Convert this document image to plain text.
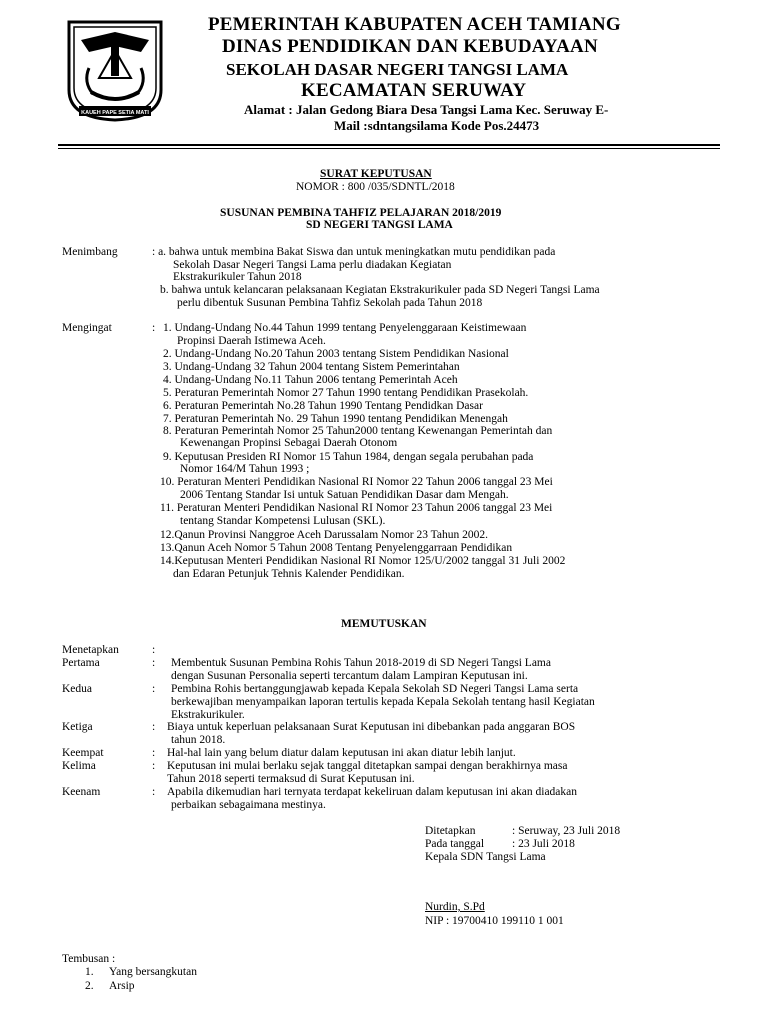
KAUEH PAPE SETIA MATI
PEMERINTAH KABUPATEN ACEH TAMIANG
DINAS PENDIDIKAN DAN KEBUDAYAAN
SEKOLAH DASAR NEGERI TANGSI LAMA
KECAMATAN SERUWAY
Alamat : Jalan Gedong Biara Desa Tangsi Lama Kec. Seruway E-
Mail :sdntangsilama Kode Pos.24473
SURAT KEPUTUSAN
NOMOR : 800 /035/SDNTL/2018
SUSUNAN PEMBINA TAHFIZ PELAJARAN 2018/2019
SD NEGERI TANGSI LAMA
Menimbang	: a. bahwa untuk membina Bakat Siswa dan untuk meningkatkan mutu pendidikan pada
Sekolah Dasar Negeri Tangsi Lama perlu diadakan Kegiatan
Ekstrakurikuler Tahun 2018
b. bahwa untuk kelancaran pelaksanaan Kegiatan Ekstrakurikuler pada SD Negeri Tangsi Lama
perlu dibentuk Susunan Pembina Tahfiz Sekolah pada Tahun 2018
Mengingat	: 1. Undang-Undang No.44 Tahun 1999 tentang Penyelenggaraan Keistimewaan
Propinsi Daerah Istimewa Aceh.
2. Undang-Undang No.20 Tahun 2003 tentang Sistem Pendidikan Nasional
3. Undang-Undang 32 Tahun 2004 tentang Sistem Pemerintahan
4. Undang-Undang No.11 Tahun 2006 tentang Pemerintah Aceh
5. Peraturan Pemerintah Nomor 27 Tahun 1990 tentang Pendidikan Prasekolah.
6. Peraturan Pemerintah No.28 Tahun 1990 Tentang Pendidkan Dasar
7. Peraturan Pemerintah No. 29 Tahun 1990 tentang Pendidikan Menengah
8. Peraturan Pemerintah Nomor 25 Tahun2000 tentang Kewenangan Pemerintah dan
Kewenangan Propinsi Sebagai Daerah Otonom
9. Keputusan Presiden RI Nomor 15 Tahun 1984, dengan segala perubahan pada
Nomor 164/M Tahun 1993 ;
10. Peraturan Menteri Pendidikan Nasional RI Nomor 22 Tahun 2006 tanggal 23 Mei
2006 Tentang Standar Isi untuk Satuan Pendidikan Dasar dam Mengah.
11. Peraturan Menteri Pendidikan Nasional RI Nomor 23 Tahun 2006 tanggal 23 Mei
tentang Standar Kompetensi Lulusan (SKL).
12.Qanun Provinsi Nanggroe Aceh Darussalam Nomor 23 Tahun 2002.
13.Qanun Aceh Nomor 5 Tahun 2008 Tentang Penyelenggarraan Pendidikan
14.Keputusan Menteri Pendidikan Nasional RI Nomor 125/U/2002 tanggal 31 Juli 2002
dan Edaran Petunjuk Tehnis Kalender Pendidikan.
MEMUTUSKAN
Menetapkan	:
Pertama	: Membentuk Susunan Pembina Rohis Tahun 2018-2019 di SD Negeri Tangsi Lama
dengan Susunan Personalia seperti tercantum dalam Lampiran Keputusan ini.
Kedua	: Pembina Rohis bertanggungjawab kepada Kepala Sekolah SD Negeri Tangsi Lama serta
berkewajiban menyampaikan laporan tertulis kepada Kepala Sekolah tentang hasil Kegiatan
Ekstrakurikuler.
Ketiga	: Biaya untuk keperluan pelaksanaan Surat Keputusan ini dibebankan pada anggaran BOS
tahun 2018.
Keempat	: Hal-hal lain yang belum diatur dalam keputusan ini akan diatur lebih lanjut.
Kelima	: Keputusan ini mulai berlaku sejak tanggal ditetapkan sampai dengan berakhirnya masa
Tahun 2018 seperti termaksud di Surat Keputusan ini.
Keenam	: Apabila dikemudian hari ternyata terdapat kekeliruan dalam keputusan ini akan diadakan
perbaikan sebagaimana mestinya.
Ditetapkan	: Seruway, 23 Juli 2018
Pada tanggal : 23 Juli 2018
Kepala SDN Tangsi Lama
Nurdin, S.Pd
NIP : 19700410 199110 1 001
Tembusan :
1. Yang bersangkutan
2. Arsip
